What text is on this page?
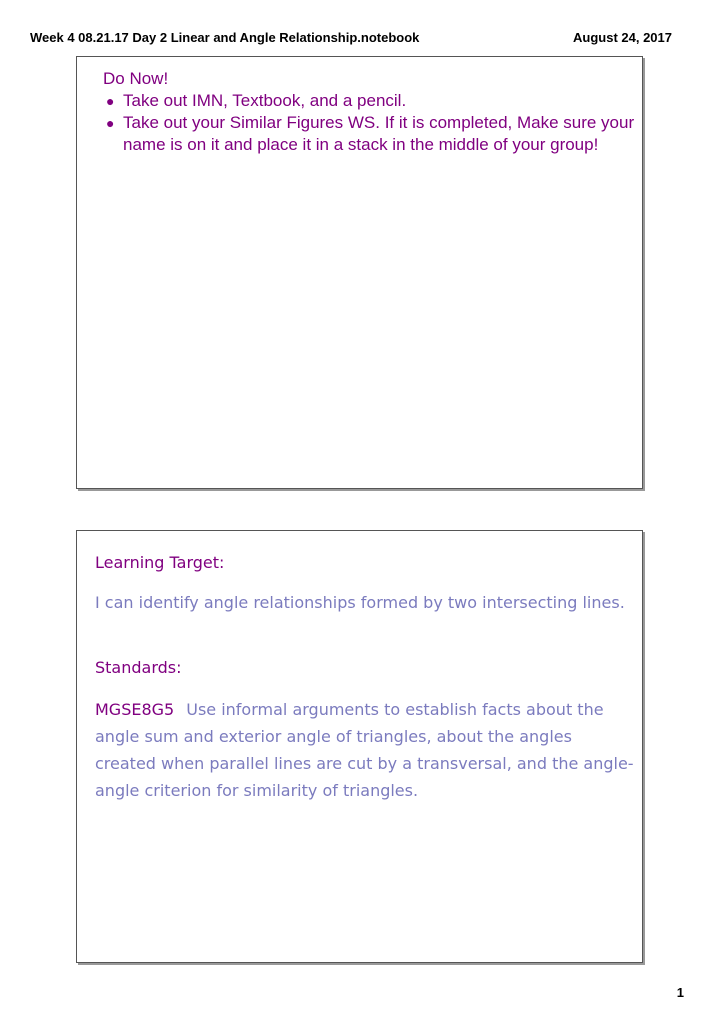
Week 4 08.21.17 Day 2 Linear and Angle Relationship.notebook	August 24, 2017
Do Now!
● Take out IMN, Textbook, and a pencil.
● Take out your Similar Figures WS. If it is completed, Make sure your name is on it and place it in a stack in the middle of your group!
Learning Target:
I can identify angle relationships formed by two intersecting lines.
Standards:
MGSE8G5 Use informal arguments to establish facts about the angle sum and exterior angle of triangles, about the angles created when parallel lines are cut by a transversal, and the angle-angle criterion for similarity of triangles.
1
